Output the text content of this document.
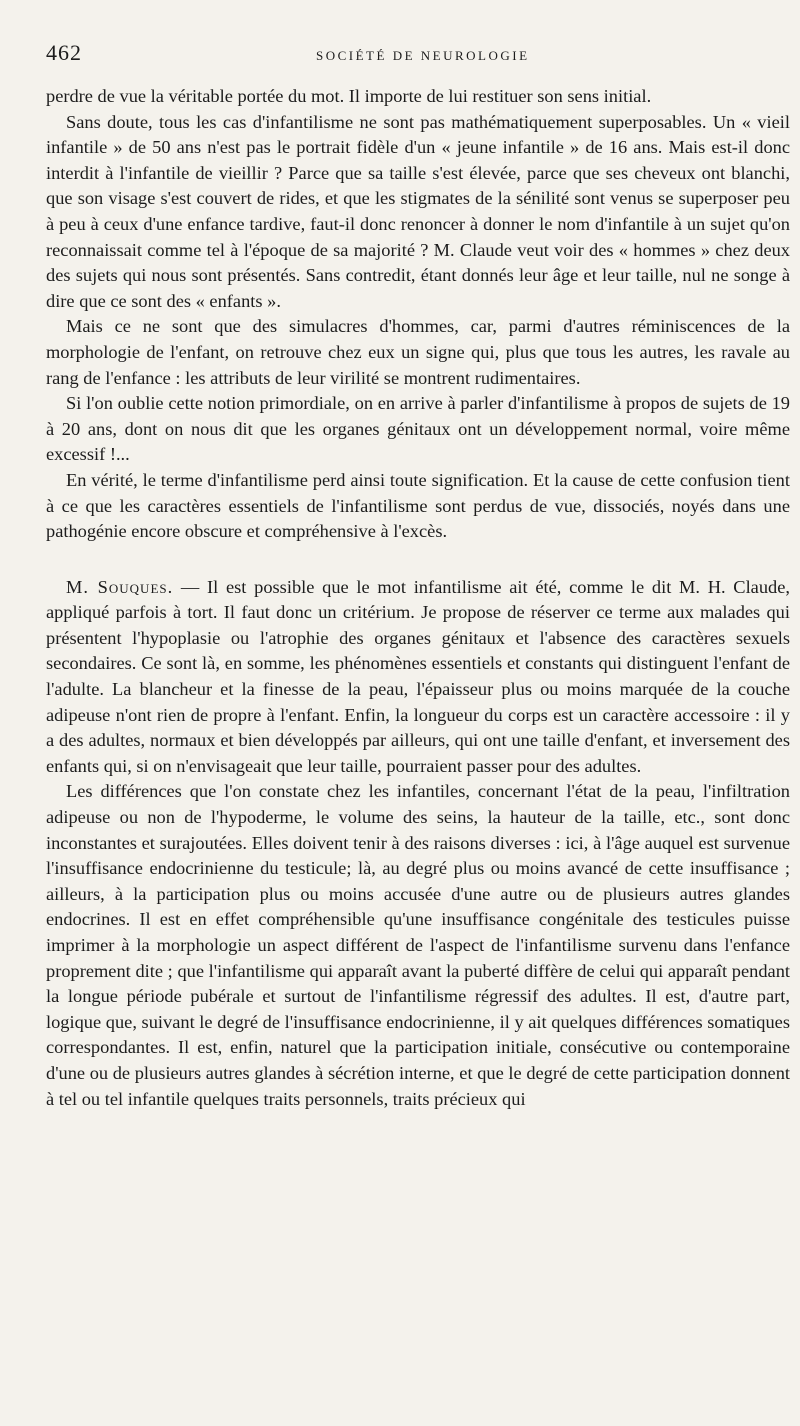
462	SOCIÉTÉ DE NEUROLOGIE

perdre de vue la véritable portée du mot. Il importe de lui restituer son sens initial.

Sans doute, tous les cas d'infantilisme ne sont pas mathématiquement superposables. Un « vieil infantile » de 50 ans n'est pas le portrait fidèle d'un « jeune infantile » de 16 ans. Mais est-il donc interdit à l'infantile de vieillir ? Parce que sa taille s'est élevée, parce que ses cheveux ont blanchi, que son visage s'est couvert de rides, et que les stigmates de la sénilité sont venus se superposer peu à peu à ceux d'une enfance tardive, faut-il donc renoncer à donner le nom d'infantile à un sujet qu'on reconnaissait comme tel à l'époque de sa majorité ? M. Claude veut voir des « hommes » chez deux des sujets qui nous sont présentés. Sans contredit, étant donnés leur âge et leur taille, nul ne songe à dire que ce sont des « enfants ».

Mais ce ne sont que des simulacres d'hommes, car, parmi d'autres réminiscences de la morphologie de l'enfant, on retrouve chez eux un signe qui, plus que tous les autres, les ravale au rang de l'enfance : les attributs de leur virilité se montrent rudimentaires.

Si l'on oublie cette notion primordiale, on en arrive à parler d'infantilisme à propos de sujets de 19 à 20 ans, dont on nous dit que les organes génitaux ont un développement normal, voire même excessif !...

En vérité, le terme d'infantilisme perd ainsi toute signification. Et la cause de cette confusion tient à ce que les caractères essentiels de l'infantilisme sont perdus de vue, dissociés, noyés dans une pathogénie encore obscure et compréhensive à l'excès.

M. Souques. — Il est possible que le mot infantilisme ait été, comme le dit M. H. Claude, appliqué parfois à tort. Il faut donc un critérium. Je propose de réserver ce terme aux malades qui présentent l'hypoplasie ou l'atrophie des organes génitaux et l'absence des caractères sexuels secondaires. Ce sont là, en somme, les phénomènes essentiels et constants qui distinguent l'enfant de l'adulte. La blancheur et la finesse de la peau, l'épaisseur plus ou moins marquée de la couche adipeuse n'ont rien de propre à l'enfant. Enfin, la longueur du corps est un caractère accessoire : il y a des adultes, normaux et bien développés par ailleurs, qui ont une taille d'enfant, et inversement des enfants qui, si on n'envisageait que leur taille, pourraient passer pour des adultes.

Les différences que l'on constate chez les infantiles, concernant l'état de la peau, l'infiltration adipeuse ou non de l'hypoderme, le volume des seins, la hauteur de la taille, etc., sont donc inconstantes et surajoutées. Elles doivent tenir à des raisons diverses : ici, à l'âge auquel est survenue l'insuffisance endocrinienne du testicule; là, au degré plus ou moins avancé de cette insuffisance ; ailleurs, à la participation plus ou moins accusée d'une autre ou de plusieurs autres glandes endocrines. Il est en effet compréhensible qu'une insuffisance congénitale des testicules puisse imprimer à la morphologie un aspect différent de l'aspect de l'infantilisme survenu dans l'enfance proprement dite ; que l'infantilisme qui apparaît avant la puberté diffère de celui qui apparaît pendant la longue période pubérale et surtout de l'infantilisme régressif des adultes. Il est, d'autre part, logique que, suivant le degré de l'insuffisance endocrinienne, il y ait quelques différences somatiques correspondantes. Il est, enfin, naturel que la participation initiale, consécutive ou contemporaine d'une ou de plusieurs autres glandes à sécrétion interne, et que le degré de cette participation donnent à tel ou tel infantile quelques traits personnels, traits précieux qui
